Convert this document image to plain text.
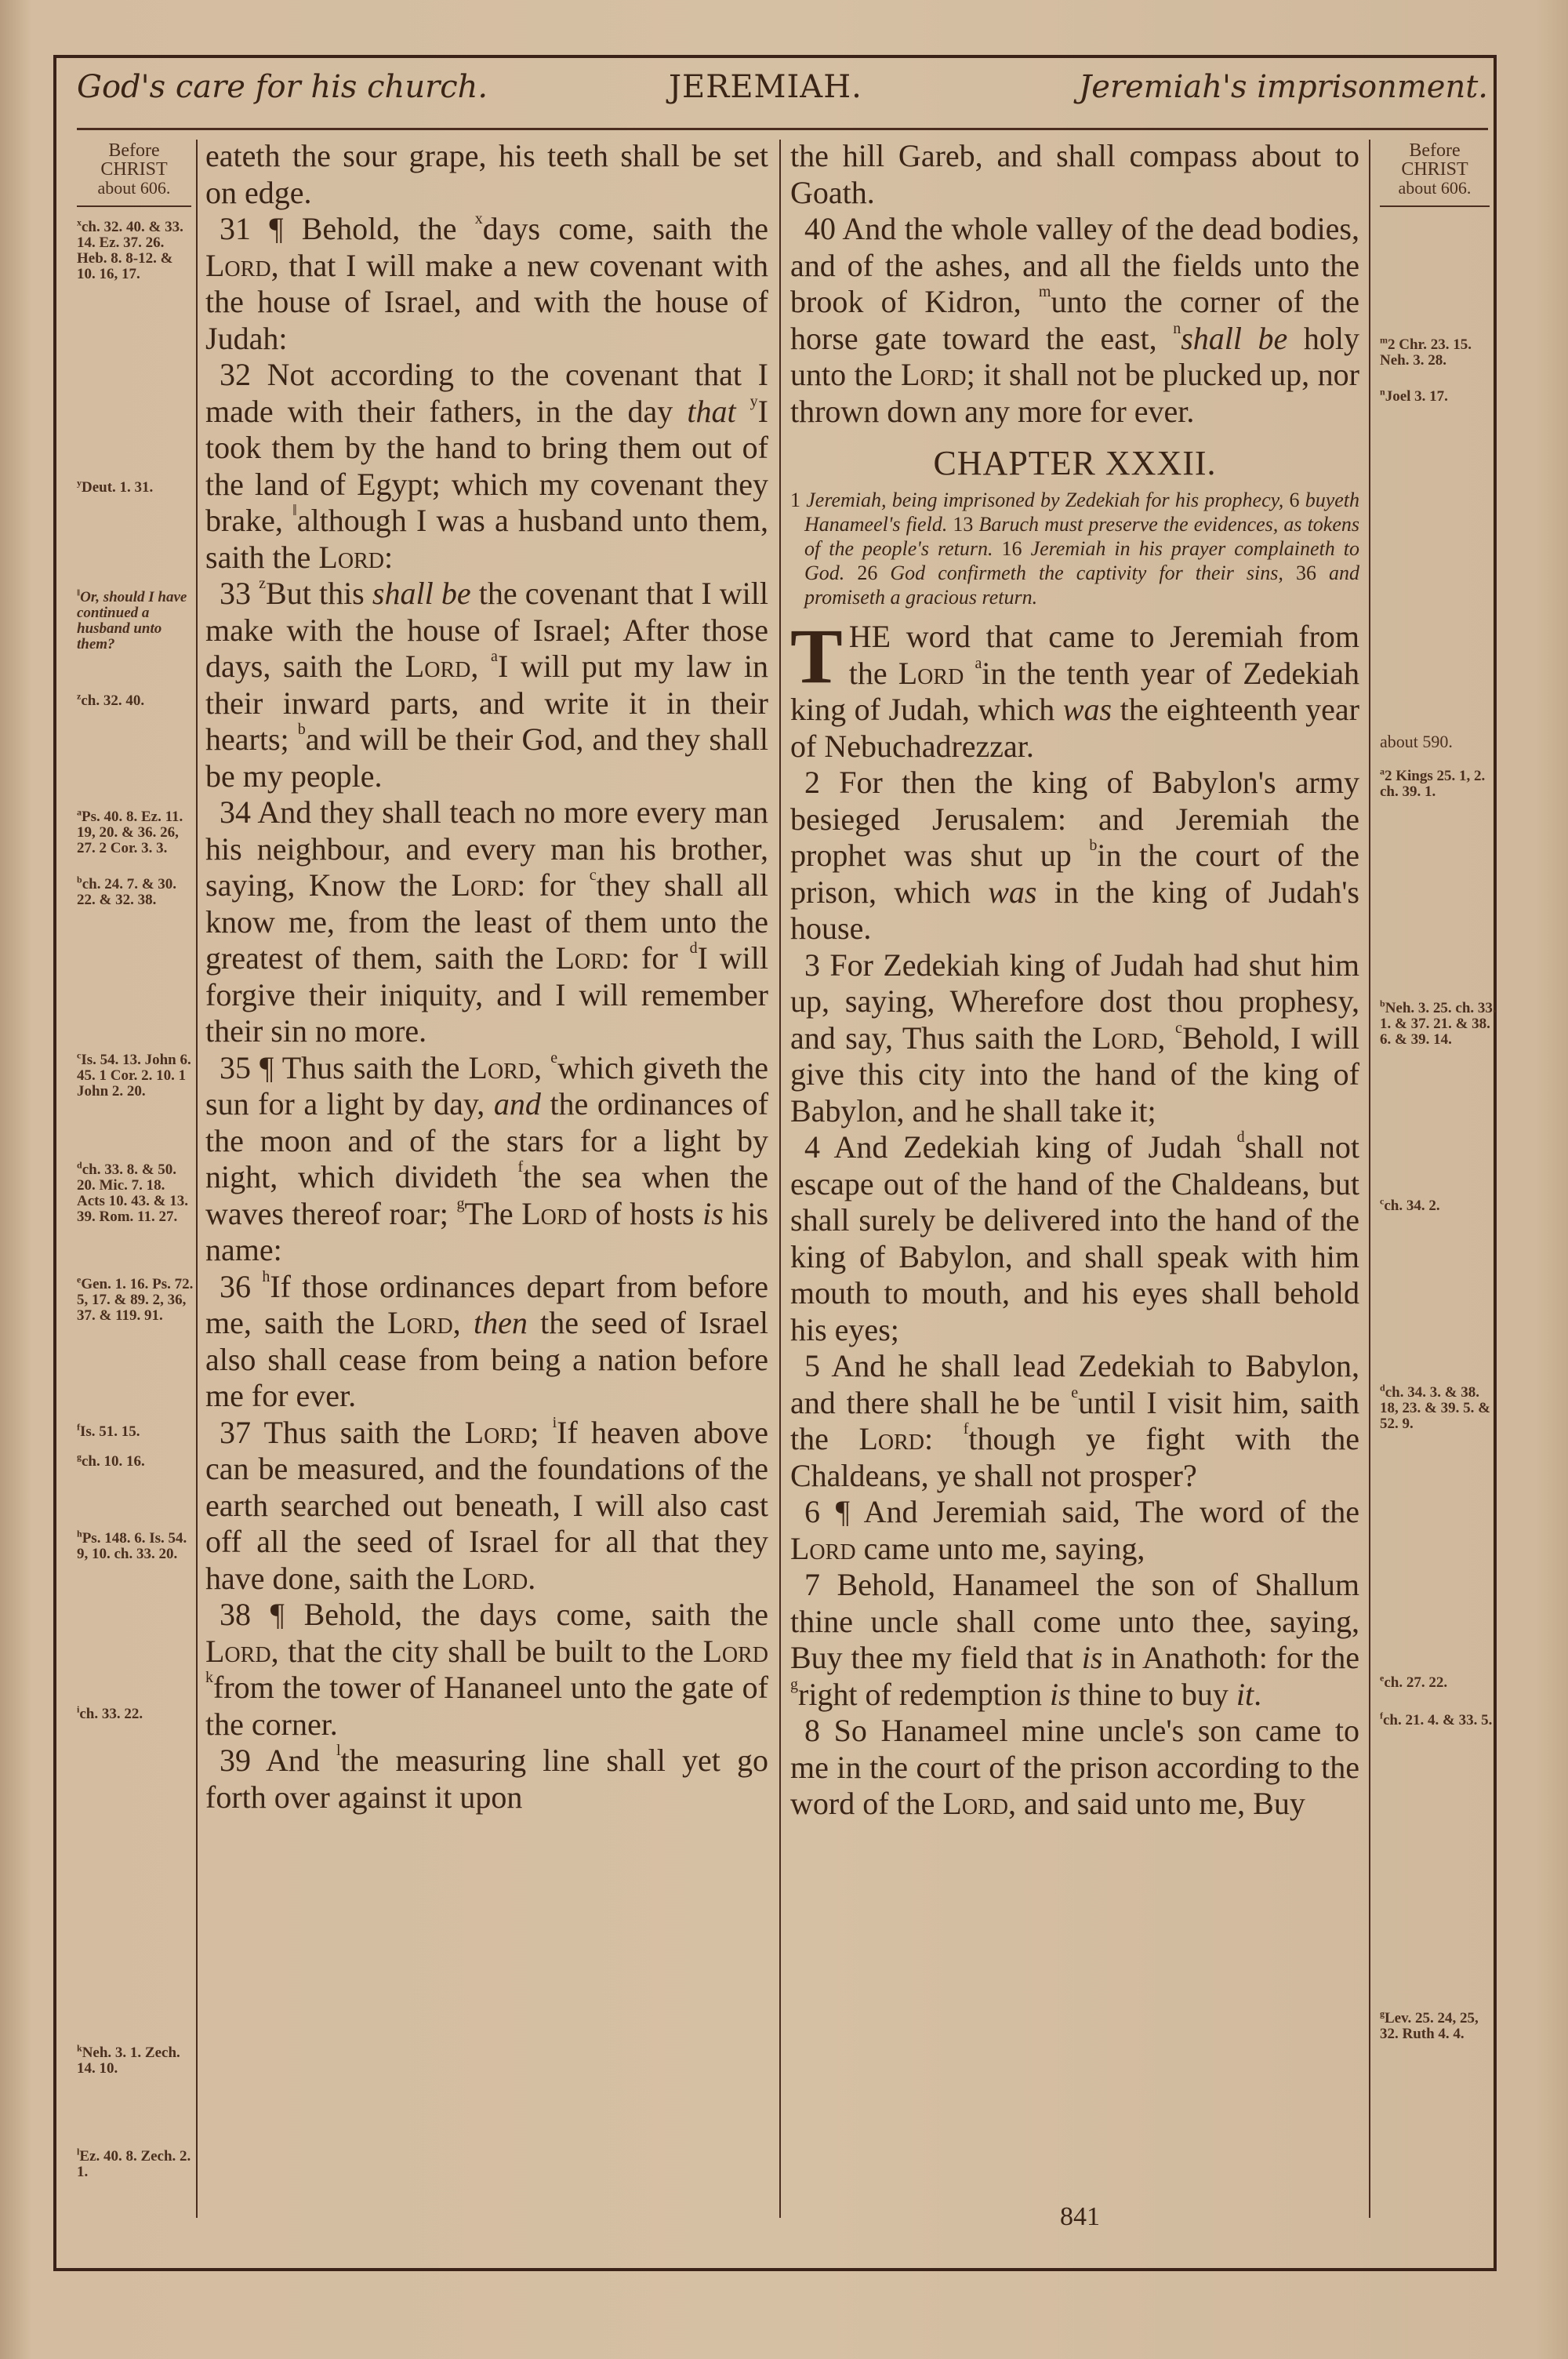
God's care for his church.	JEREMIAH.	Jeremiah's imprisonment.
Before
CHRIST
about 606.
$^x$ch. 32. 40. & 33. 14. Ez. 37. 26. Heb. 8. 8-12. & 10. 16, 17.
$^y$Deut. 1. 31.
‖Or, should I have continued a husband unto them?
$^z$ch. 32. 40.
$^a$Ps. 40. 8. Ez. 11. 19, 20. & 36. 26, 27. 2 Cor. 3. 3.
$^b$ch. 24. 7. & 30. 22. & 32. 38.
$^c$Is. 54. 13. John 6. 45. 1 Cor. 2. 10. 1 John 2. 20.
$^d$ch. 33. 8. & 50. 20. Mic. 7. 18. Acts 10. 43. & 13. 39. Rom. 11. 27.
$^e$Gen. 1. 16. Ps. 72. 5, 17. & 89. 2, 36, 37. & 119. 91.
$^f$Is. 51. 15.
$^g$ch. 10. 16.
$^h$Ps. 148. 6. Is. 54. 9, 10. ch. 33. 20.
$^i$ch. 33. 22.
$^k$Neh. 3. 1. Zech. 14. 10.
$^l$Ez. 40. 8. Zech. 2. 1.

eateth the sour grape, his teeth shall be set on edge.

31 ¶ Behold, the $^x$days come, saith the Lord, that I will make a new covenant with the house of Israel, and with the house of Judah:

32 Not according to the covenant that I made with their fathers, in the day that $^y$I took them by the hand to bring them out of the land of Egypt; which my covenant they brake, ‖although I was a husband unto them, saith the Lord:

33 $^z$But this shall be the covenant that I will make with the house of Israel; After those days, saith the Lord, $^a$I will put my law in their inward parts, and write it in their hearts; $^b$and will be their God, and they shall be my people.

34 And they shall teach no more every man his neighbour, and every man his brother, saying, Know the Lord: for $^c$they shall all know me, from the least of them unto the greatest of them, saith the Lord: for $^d$I will forgive their iniquity, and I will remember their sin no more.

35 ¶ Thus saith the Lord, $^e$which giveth the sun for a light by day, and the ordinances of the moon and of the stars for a light by night, which divideth $^f$the sea when the waves thereof roar; $^g$The Lord of hosts is his name:

36 $^h$If those ordinances depart from before me, saith the Lord, then the seed of Israel also shall cease from being a nation before me for ever.

37 Thus saith the Lord; $^i$If heaven above can be measured, and the foundations of the earth searched out beneath, I will also cast off all the seed of Israel for all that they have done, saith the Lord.

38 ¶ Behold, the days come, saith the Lord, that the city shall be built to the Lord $^k$from the tower of Hananeel unto the gate of the corner.

39 And $^l$the measuring line shall yet go forth over against it upon

the hill Gareb, and shall compass about to Goath.

40 And the whole valley of the dead bodies, and of the ashes, and all the fields unto the brook of Kidron, $^m$unto the corner of the horse gate toward the east, $^n$shall be holy unto the Lord; it shall not be plucked up, nor thrown down any more for ever.

CHAPTER XXXII.
1 Jeremiah, being imprisoned by Zedekiah for his prophecy, 6 buyeth Hanameel's field. 13 Baruch must preserve the evidences, as tokens of the people's return. 16 Jeremiah in his prayer complaineth to God. 26 God confirmeth the captivity for their sins, 36 and promiseth a gracious return.

THE word that came to Jeremiah from the Lord $^a$in the tenth year of Zedekiah king of Judah, which was the eighteenth year of Nebuchadrezzar.

2 For then the king of Babylon's army besieged Jerusalem: and Jeremiah the prophet was shut up $^b$in the court of the prison, which was in the king of Judah's house.

3 For Zedekiah king of Judah had shut him up, saying, Wherefore dost thou prophesy, and say, Thus saith the Lord, $^c$Behold, I will give this city into the hand of the king of Babylon, and he shall take it;

4 And Zedekiah king of Judah $^d$shall not escape out of the hand of the Chaldeans, but shall surely be delivered into the hand of the king of Babylon, and shall speak with him mouth to mouth, and his eyes shall behold his eyes;

5 And he shall lead Zedekiah to Babylon, and there shall he be $^e$until I visit him, saith the Lord: $^f$though ye fight with the Chaldeans, ye shall not prosper?

6 ¶ And Jeremiah said, The word of the Lord came unto me, saying,

7 Behold, Hanameel the son of Shallum thine uncle shall come unto thee, saying, Buy thee my field that is in Anathoth: for the $^g$right of redemption is thine to buy it.

8 So Hanameel mine uncle's son came to me in the court of the prison according to the word of the Lord, and said unto me, Buy

Before
CHRIST
about 606.
$^m$2 Chr. 23. 15. Neh. 3. 28.
$^n$Joel 3. 17.
about 590.
$^a$2 Kings 25. 1, 2. ch. 39. 1.
$^b$Neh. 3. 25. ch. 33. 1. & 37. 21. & 38. 6. & 39. 14.
$^c$ch. 34. 2.
$^d$ch. 34. 3. & 38. 18, 23. & 39. 5. & 52. 9.
$^e$ch. 27. 22.
$^f$ch. 21. 4. & 33. 5.
$^g$Lev. 25. 24, 25, 32. Ruth 4. 4.
841
